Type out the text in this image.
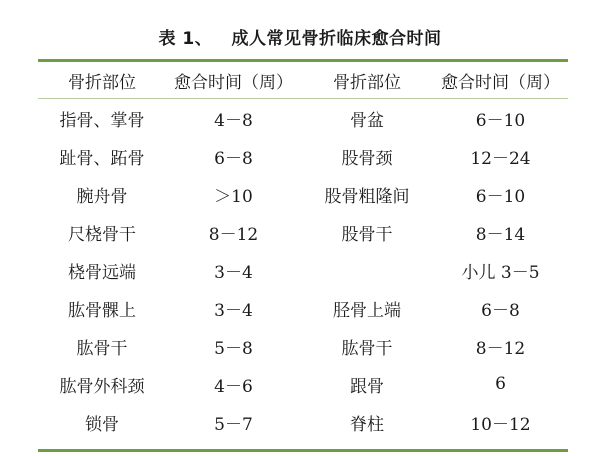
表 1、   成人常见骨折临床愈合时间
骨折部位	愈合时间（周）	骨折部位	愈合时间（周）
指骨、掌骨	4－8	骨盆	6－10
趾骨、跖骨	6－8	股骨颈	12－24
腕舟骨	＞10	股骨粗隆间	6－10
尺桡骨干	8－12	股骨干	8－14
桡骨远端	3－4		小儿 3－5
肱骨髁上	3－4	胫骨上端	6－8
肱骨干	5－8	肱骨干	8－12
肱骨外科颈	4－6	跟骨	6
锁骨	5－7	脊柱	10－12
